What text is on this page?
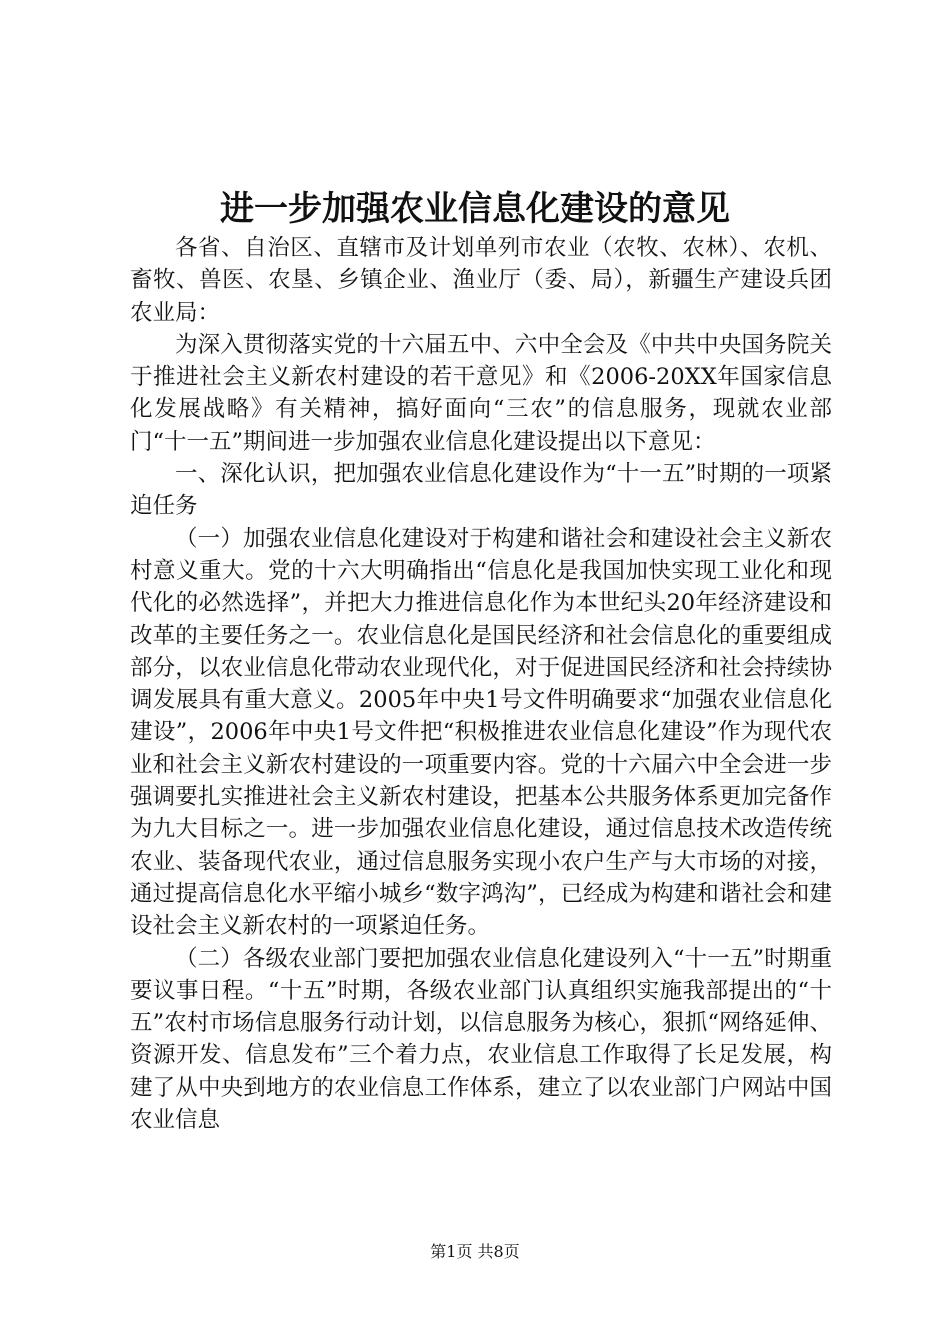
进一步加强农业信息化建设的意见

各省、自治区、直辖市及计划单列市农业（农牧、农林）、农机、畜牧、兽医、农垦、乡镇企业、渔业厅（委、局），新疆生产建设兵团农业局：

为深入贯彻落实党的十六届五中、六中全会及《中共中央国务院关于推进社会主义新农村建设的若干意见》和《2006-20XX年国家信息化发展战略》有关精神，搞好面向“三农”的信息服务，现就农业部门“十一五”期间进一步加强农业信息化建设提出以下意见：

一、深化认识，把加强农业信息化建设作为“十一五”时期的一项紧迫任务

（一）加强农业信息化建设对于构建和谐社会和建设社会主义新农村意义重大。党的十六大明确指出“信息化是我国加快实现工业化和现代化的必然选择”，并把大力推进信息化作为本世纪头20年经济建设和改革的主要任务之一。农业信息化是国民经济和社会信息化的重要组成部分，以农业信息化带动农业现代化，对于促进国民经济和社会持续协调发展具有重大意义。2005年中央1号文件明确要求“加强农业信息化建设”，2006年中央1号文件把“积极推进农业信息化建设”作为现代农业和社会主义新农村建设的一项重要内容。党的十六届六中全会进一步强调要扎实推进社会主义新农村建设，把基本公共服务体系更加完备作为九大目标之一。进一步加强农业信息化建设，通过信息技术改造传统农业、装备现代农业，通过信息服务实现小农户生产与大市场的对接，通过提高信息化水平缩小城乡“数字鸿沟”，已经成为构建和谐社会和建设社会主义新农村的一项紧迫任务。

（二）各级农业部门要把加强农业信息化建设列入“十一五”时期重要议事日程。“十五”时期，各级农业部门认真组织实施我部提出的“十五”农村市场信息服务行动计划，以信息服务为核心，狠抓“网络延伸、资源开发、信息发布”三个着力点，农业信息工作取得了长足发展，构建了从中央到地方的农业信息工作体系，建立了以农业部门户网站中国农业信息

第1页 共8页
